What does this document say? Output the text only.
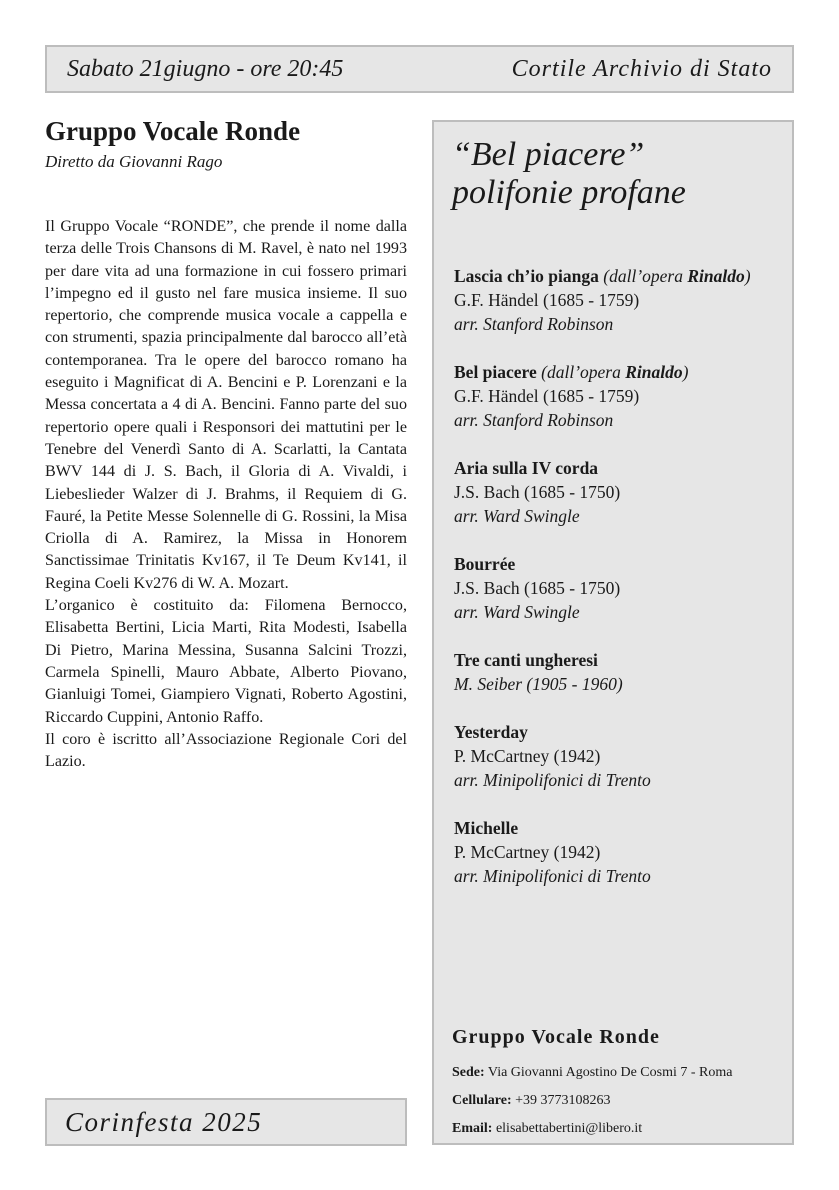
Sabato 21giugno - ore 20:45	Cortile Archivio di Stato
Gruppo Vocale Ronde

Diretto da Giovanni Rago

Il Gruppo Vocale “RONDE”, che prende il nome dalla terza delle Trois Chansons di M. Ravel, è nato nel 1993 per dare vita ad una formazione in cui fossero primari l’impegno ed il gusto nel fare musica insieme. Il suo repertorio, che comprende musica vocale a cappella e con strumenti, spazia principalmente dal barocco all’età contemporanea. Tra le opere del barocco romano ha eseguito i Magnificat di A. Bencini e P. Lorenzani e la Messa concertata a 4 di A. Bencini. Fanno parte del suo repertorio opere quali i Responsori dei mattutini per le Tenebre del Venerdì Santo di A. Scarlatti, la Cantata BWV 144 di J. S. Bach, il Gloria di A. Vivaldi, i Liebeslieder Walzer di J. Brahms, il Requiem di G. Fauré, la Petite Messe Solennelle di G. Rossini, la Misa Criolla di A. Ramirez, la Missa in Honorem Sanctissimae Trinitatis Kv167, il Te Deum Kv141, il Regina Coeli Kv276 di W. A. Mozart.

L’organico è costituito da: Filomena Bernocco, Elisabetta Bertini, Licia Marti, Rita Modesti, Isabella Di Pietro, Marina Messina, Susanna Salcini Trozzi, Carmela Spinelli, Mauro Abbate, Alberto Piovano, Gianluigi Tomei, Giampiero Vignati, Roberto Agostini, Riccardo Cuppini, Antonio Raffo.

Il coro è iscritto all’Associazione Regionale Cori del Lazio.

“Bel piacere”
polifonie profane
Lascia ch’io pianga (dall’opera Rinaldo)
G.F. Händel (1685 - 1759)
arr. Stanford Robinson
Bel piacere (dall’opera Rinaldo)
G.F. Händel (1685 - 1759)
arr. Stanford Robinson
Aria sulla IV corda
J.S. Bach (1685 - 1750)
arr. Ward Swingle
Bourrée
J.S. Bach (1685 - 1750)
arr. Ward Swingle
Tre canti ungheresi
M. Seiber (1905 - 1960)
Yesterday
P. McCartney (1942)
arr. Minipolifonici di Trento
Michelle
P. McCartney (1942)
arr. Minipolifonici di Trento

Gruppo Vocale Ronde

Sede: Via Giovanni Agostino De Cosmi 7 - Roma
Cellulare: +39 3773108263
Email: elisabettabertini@libero.it
Corinfesta 2025
